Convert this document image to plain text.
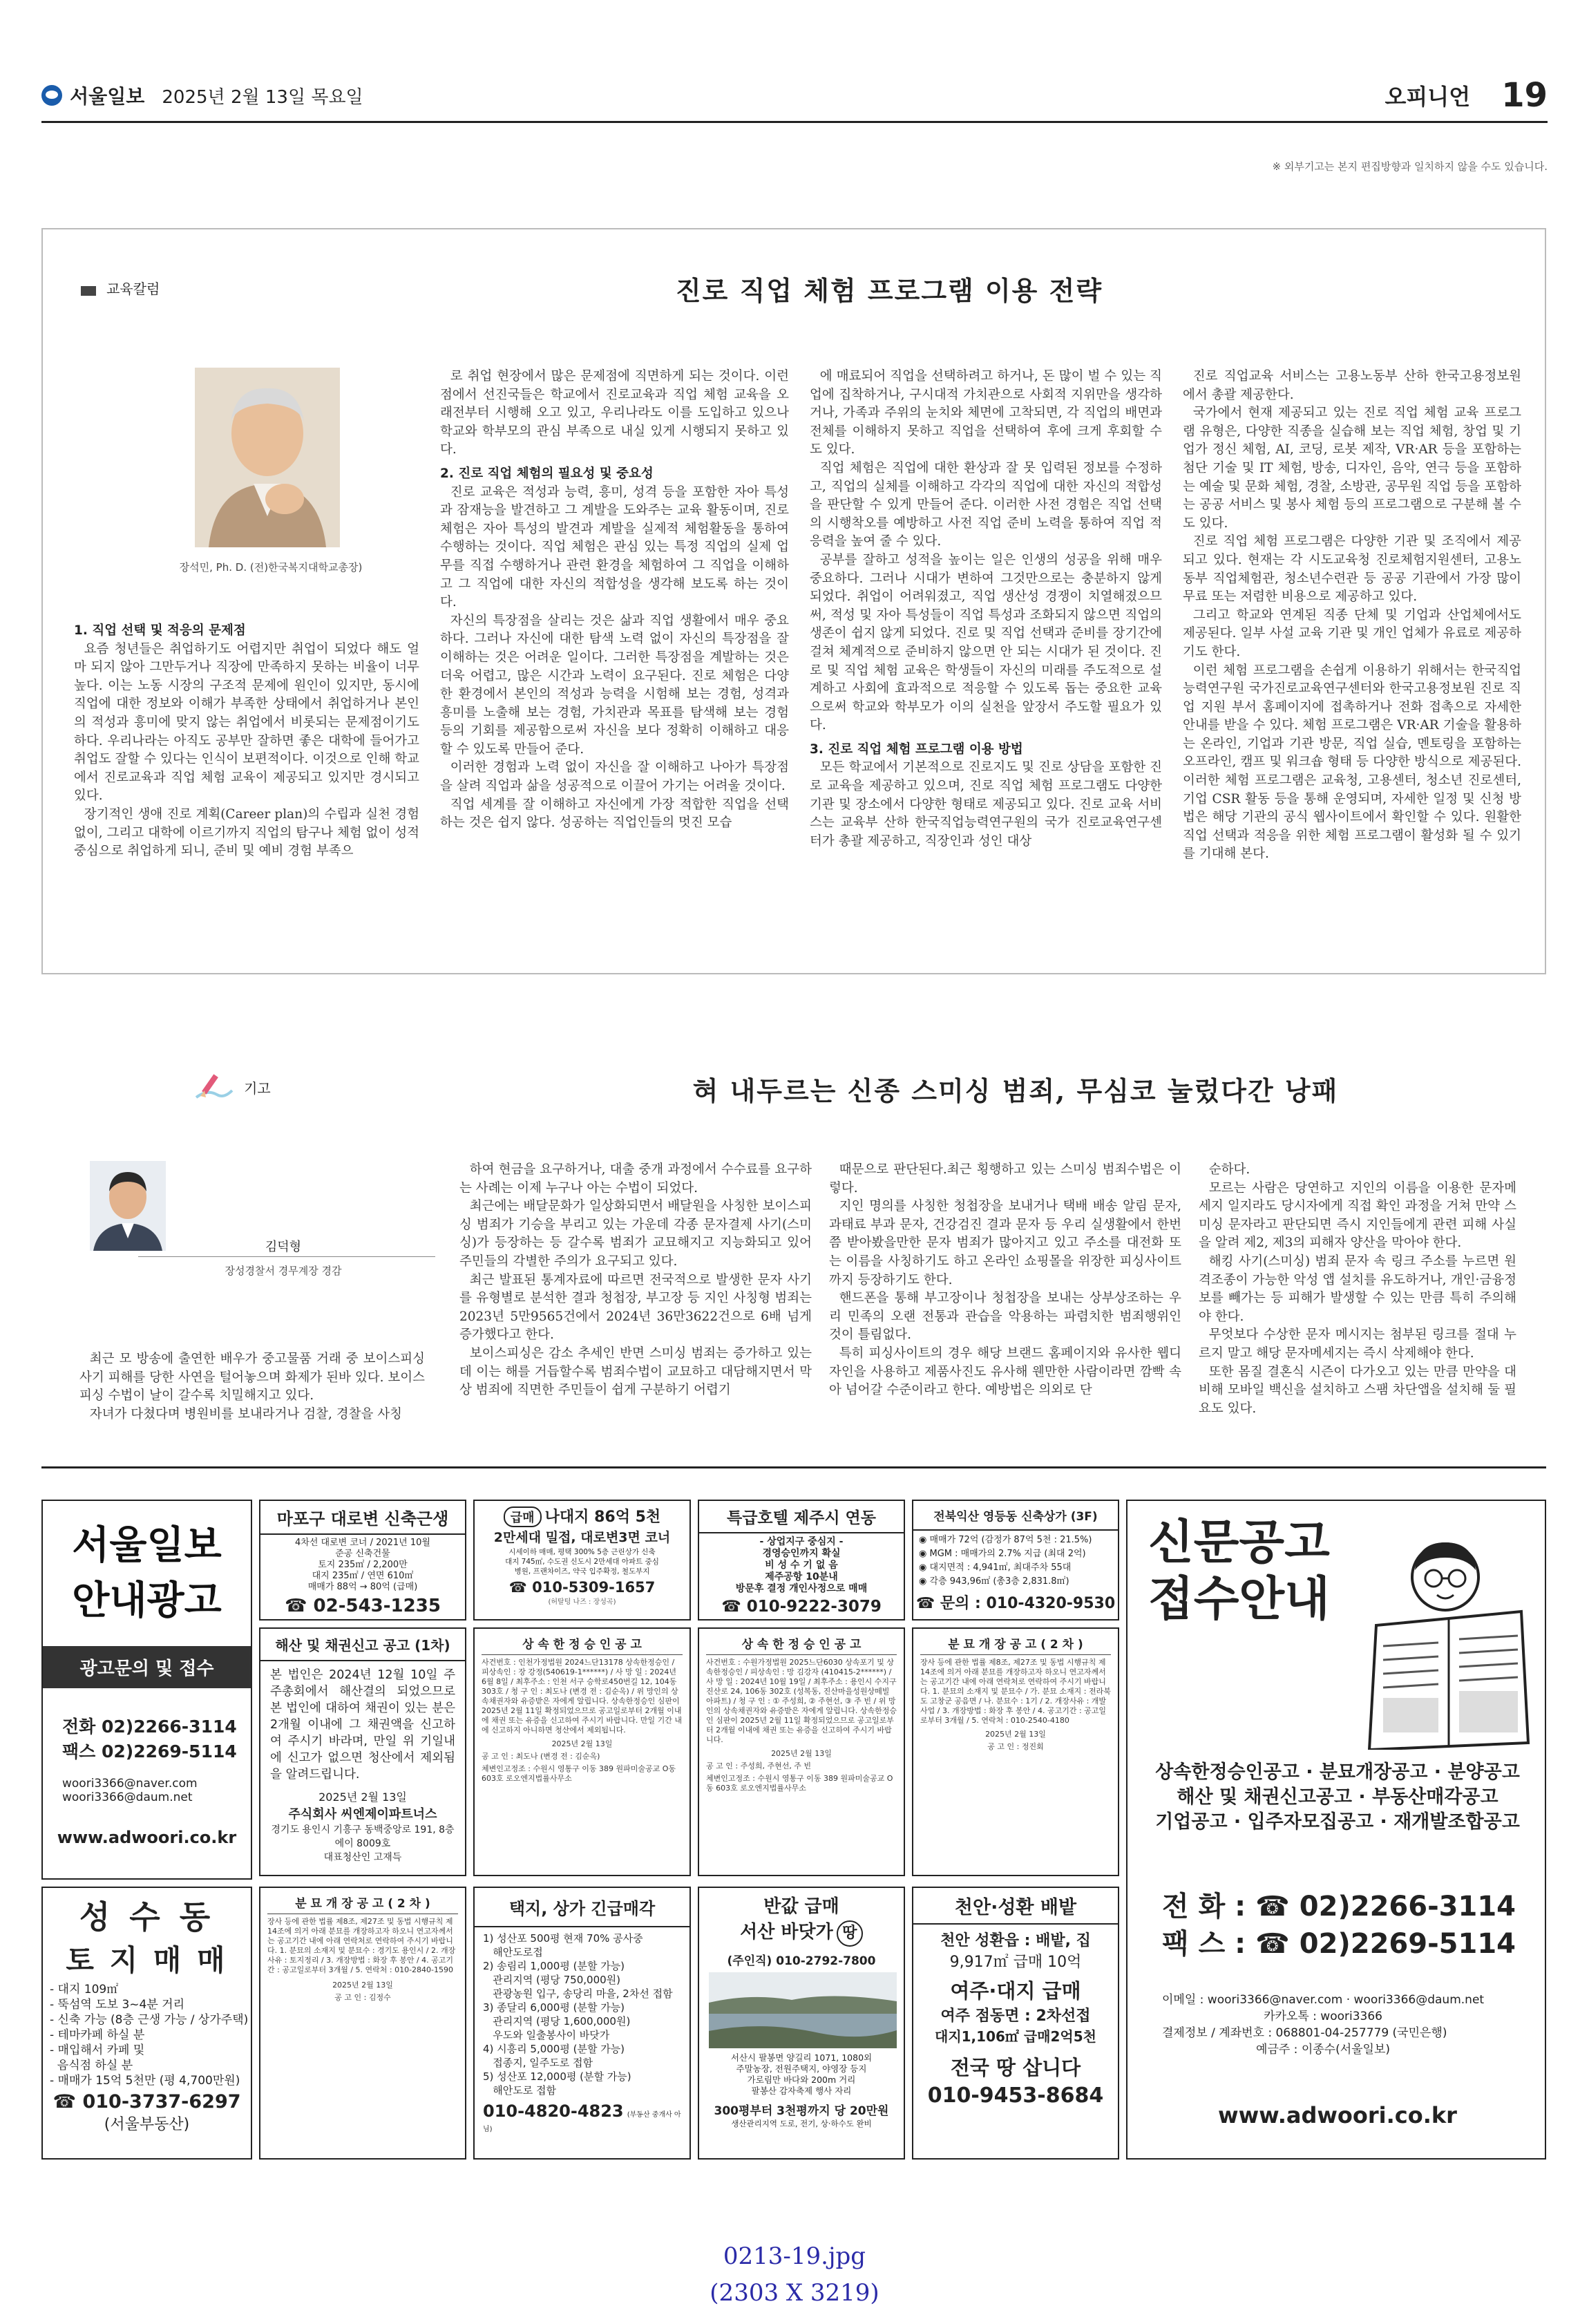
서울일보 2025년 2월 13일 목요일	오피니언 19
※ 외부기고는 본지 편집방향과 일치하지 않을 수도 있습니다.
교육칼럼	진로 직업 체험 프로그램 이용 전략
장석민, Ph. D. (전)한국복지대학교총장)

1. 직업 선택 및 적응의 문제점

요즘 청년들은 취업하기도 어렵지만 취업이 되었다 해도 얼마 되지 않아 그만두거나 직장에 만족하지 못하는 비율이 너무 높다. 이는 노동 시장의 구조적 문제에 원인이 있지만, 동시에 직업에 대한 정보와 이해가 부족한 상태에서 취업하거나 본인의 적성과 흥미에 맞지 않는 취업에서 비롯되는 문제점이기도 하다. 우리나라는 아직도 공부만 잘하면 좋은 대학에 들어가고 취업도 잘할 수 있다는 인식이 보편적이다. 이것으로 인해 학교에서 진로교육과 직업 체험 교육이 제공되고 있지만 경시되고 있다.

장기적인 생애 진로 계획(Career plan)의 수립과 실천 경험 없이, 그리고 대학에 이르기까지 직업의 탐구나 체험 없이 성적 중심으로 취업하게 되니, 준비 및 예비 경험 부족으

로 취업 현장에서 많은 문제점에 직면하게 되는 것이다. 이런 점에서 선진국들은 학교에서 진로교육과 직업 체험 교육을 오래전부터 시행해 오고 있고, 우리나라도 이를 도입하고 있으나 학교와 학부모의 관심 부족으로 내실 있게 시행되지 못하고 있다.

2. 진로 직업 체험의 필요성 및 중요성

진로 교육은 적성과 능력, 흥미, 성격 등을 포함한 자아 특성과 잠재능을 발견하고 그 계발을 도와주는 교육 활동이며, 진로 체험은 자아 특성의 발견과 계발을 실제적 체험활동을 통하여 수행하는 것이다. 직업 체험은 관심 있는 특정 직업의 실제 업무를 직접 수행하거나 관련 환경을 체험하여 그 직업을 이해하고 그 직업에 대한 자신의 적합성을 생각해 보도록 하는 것이다.

자신의 특장점을 살리는 것은 삶과 직업 생활에서 매우 중요하다. 그러나 자신에 대한 탐색 노력 없이 자신의 특장점을 잘 이해하는 것은 어려운 일이다. 그러한 특장점을 계발하는 것은 더욱 어렵고, 많은 시간과 노력이 요구된다. 진로 체험은 다양한 환경에서 본인의 적성과 능력을 시험해 보는 경험, 성격과 흥미를 노출해 보는 경험, 가치관과 목표를 탐색해 보는 경험 등의 기회를 제공함으로써 자신을 보다 정확히 이해하고 대응할 수 있도록 만들어 준다.

이러한 경험과 노력 없이 자신을 잘 이해하고 나아가 특장점을 살려 직업과 삶을 성공적으로 이끌어 가기는 어려울 것이다.

직업 세계를 잘 이해하고 자신에게 가장 적합한 직업을 선택하는 것은 쉽지 않다. 성공하는 직업인들의 멋진 모습

에 매료되어 직업을 선택하려고 하거나, 돈 많이 벌 수 있는 직업에 집착하거나, 구시대적 가치관으로 사회적 지위만을 생각하거나, 가족과 주위의 눈치와 체면에 고착되면, 각 직업의 배면과 전체를 이해하지 못하고 직업을 선택하여 후에 크게 후회할 수도 있다.

직업 체험은 직업에 대한 환상과 잘 못 입력된 정보를 수정하고, 직업의 실체를 이해하고 각각의 직업에 대한 자신의 적합성을 판단할 수 있게 만들어 준다. 이러한 사전 경험은 직업 선택의 시행착오를 예방하고 사전 직업 준비 노력을 통하여 직업 적응력을 높여 줄 수 있다.

공부를 잘하고 성적을 높이는 일은 인생의 성공을 위해 매우 중요하다. 그러나 시대가 변하여 그것만으로는 충분하지 않게 되었다. 취업이 어려워졌고, 직업 생산성 경쟁이 치열해졌으므써, 적성 및 자아 특성들이 직업 특성과 조화되지 않으면 직업의 생존이 쉽지 않게 되었다. 진로 및 직업 선택과 준비를 장기간에 걸쳐 체계적으로 준비하지 않으면 안 되는 시대가 된 것이다. 진로 및 직업 체험 교육은 학생들이 자신의 미래를 주도적으로 설계하고 사회에 효과적으로 적응할 수 있도록 돕는 중요한 교육으로써 학교와 학부모가 이의 실천을 앞장서 주도할 필요가 있다.

3. 진로 직업 체험 프로그램 이용 방법

모든 학교에서 기본적으로 진로지도 및 진로 상담을 포함한 진로 교육을 제공하고 있으며, 진로 직업 체험 프로그램도 다양한 기관 및 장소에서 다양한 형태로 제공되고 있다. 진로 교육 서비스는 교육부 산하 한국직업능력연구원의 국가 진로교육연구센터가 총괄 제공하고, 직장인과 성인 대상

진로 직업교육 서비스는 고용노동부 산하 한국고용정보원에서 총괄 제공한다.

국가에서 현재 제공되고 있는 진로 직업 체험 교육 프로그램 유형은, 다양한 직종을 실습해 보는 직업 체험, 창업 및 기업가 정신 체험, AI, 코딩, 로봇 제작, VR·AR 등을 포함하는 첨단 기술 및 IT 체험, 방송, 디자인, 음악, 연극 등을 포함하는 예술 및 문화 체험, 경찰, 소방관, 공무원 직업 등을 포함하는 공공 서비스 및 봉사 체험 등의 프로그램으로 구분해 볼 수도 있다.

진로 직업 체험 프로그램은 다양한 기관 및 조직에서 제공되고 있다. 현재는 각 시도교육청 진로체험지원센터, 고용노동부 직업체험관, 청소년수련관 등 공공 기관에서 가장 많이 무료 또는 저렴한 비용으로 제공하고 있다.

그리고 학교와 연계된 직종 단체 및 기업과 산업체에서도 제공된다. 일부 사설 교육 기관 및 개인 업체가 유료로 제공하기도 한다.

이런 체험 프로그램을 손쉽게 이용하기 위해서는 한국직업능력연구원 국가진로교육연구센터와 한국고용정보원 진로 직업 지원 부서 홈페이지에 접촉하거나 전화 접촉으로 자세한 안내를 받을 수 있다. 체험 프로그램은 VR·AR 기술을 활용하는 온라인, 기업과 기관 방문, 직업 실습, 멘토링을 포함하는 오프라인, 캠프 및 워크숍 형태 등 다양한 방식으로 제공된다. 이러한 체험 프로그램은 교육청, 고용센터, 청소년 진로센터, 기업 CSR 활동 등을 통해 운영되며, 자세한 일정 및 신청 방법은 해당 기관의 공식 웹사이트에서 확인할 수 있다. 원활한 직업 선택과 적응을 위한 체험 프로그램이 활성화 될 수 있기를 기대해 본다.

기고	혀 내두르는 신종 스미싱 범죄, 무심코 눌렀다간 낭패
김덕형
장성경찰서 경무계장 경감

최근 모 방송에 출연한 배우가 중고물품 거래 중 보이스피싱 사기 피해를 당한 사연을 털어놓으며 화제가 된바 있다. 보이스피싱 수법이 날이 갈수록 치밀해지고 있다.

자녀가 다쳤다며 병원비를 보내라거나 검찰, 경찰을 사칭

하여 현금을 요구하거나, 대출 중개 과정에서 수수료를 요구하는 사례는 이제 누구나 아는 수법이 되었다.

최근에는 배달문화가 일상화되면서 배달원을 사칭한 보이스피싱 범죄가 기승을 부리고 있는 가운데 각종 문자결제 사기(스미싱)가 등장하는 등 갈수록 범죄가 교묘해지고 지능화되고 있어 주민들의 각별한 주의가 요구되고 있다.

최근 발표된 통계자료에 따르면 전국적으로 발생한 문자 사기를 유형별로 분석한 결과 청첩장, 부고장 등 지인 사칭형 범죄는 2023년 5만9565건에서 2024년 36만3622건으로 6배 넘게 증가했다고 한다.

보이스피싱은 감소 추세인 반면 스미싱 범죄는 증가하고 있는데 이는 해를 거듭할수록 범죄수법이 교묘하고 대담해지면서 막상 범죄에 직면한 주민들이 쉽게 구분하기 어렵기

때문으로 판단된다.최근 횡행하고 있는 스미싱 범죄수법은 이렇다.

지인 명의를 사칭한 청첩장을 보내거나 택배 배송 알림 문자, 과태료 부과 문자, 건강검진 결과 문자 등 우리 실생활에서 한번쯤 받아봤을만한 문자 범죄가 많아지고 있고 주소를 대전화 또는 이름을 사칭하기도 하고 온라인 쇼핑몰을 위장한 피싱사이트까지 등장하기도 한다.

핸드폰을 통해 부고장이나 청첩장을 보내는 상부상조하는 우리 민족의 오랜 전통과 관습을 악용하는 파렴치한 범죄행위인 것이 틀림없다.

특히 피싱사이트의 경우 해당 브랜드 홈페이지와 유사한 웹디자인을 사용하고 제품사진도 유사해 웬만한 사람이라면 깜빡 속아 넘어갈 수준이라고 한다. 예방법은 의외로 단

순하다.

모르는 사람은 당연하고 지인의 이름을 이용한 문자메세지 일지라도 당시자에게 직접 확인 과정을 거쳐 만약 스미싱 문자라고 판단되면 즉시 지인들에게 관련 피해 사실을 알려 제2, 제3의 피해자 양산을 막아야 한다.

해킹 사기(스미싱) 범죄 문자 속 링크 주소를 누르면 원격조종이 가능한 악성 앱 설치를 유도하거나, 개인·금융정보를 빼가는 등 피해가 발생할 수 있는 만큼 특히 주의해야 한다.

무엇보다 수상한 문자 메시지는 첨부된 링크를 절대 누르지 말고 해당 문자메세지는 즉시 삭제해야 한다.

또한 몸질 결혼식 시즌이 다가오고 있는 만큼 만약을 대비해 모바일 백신을 설치하고 스팸 차단앱을 설치해 둘 필요도 있다.

서울일보
안내광고
광고문의 및 접수
전화 02)2266-3114
팩스 02)2269-5114
woori3366@naver.com
woori3366@daum.net
www.adwoori.co.kr
마포구 대로변 신축근생
4차선 대로변 코너 / 2021년 10월
준공 신축건물
토지 235㎡ / 2,200만
대지 235㎡ / 연면 610㎡
매매가 88억 → 80억 (급매)
☎ 02-543-1235
급매 나대지 86억 5천
2만세대 밀접, 대로변3면 코너
시세이하 매매, 평택 300% 5층 근린상가 신축
대지 745㎡, 수도권 신도시 2만세대 아파트 중심
병원, 프랜차이즈, 약국 입주확정, 철도부지
☎ 010-5309-1657
(허탈텅 나즈 : 장성곡)
특급호텔 제주시 연동
- 상업지구 중심지 -
경영승인까지 확실
비 성 수 기 없 음
제주공항 10분내
방문후 결정 개인사정으로 매매
☎ 010-9222-3079
전북익산 영등동 신축상가 (3F)
◉ 매매가 72억 (감정가 87억 5천 : 21.5%)
◉ MGM : 매매가의 2.7% 지급 (최대 2억)
◉ 대지면적 : 4,941㎡, 최대주차 55대
◉ 각층 943,96㎡ (총3층 2,831.8㎡)
☎ 문의 : 010-4320-9530
해산 및 채권신고 공고 (1차)
본 법인은 2024년 12월 10일 주주총회에서 해산결의 되었으므로 본 법인에 대하여 채권이 있는 분은 2개월 이내에 그 채권액을 신고하여 주시기 바라며, 만일 위 기일내에 신고가 없으면 청산에서 제외됨을 알려드립니다.
2025년 2월 13일
주식회사 씨엔제이파트너스
경기도 용인시 기흥구 동백중앙로 191, 8층 에이 8009호
대표청산인 고재득
상 속 한 정 승 인 공 고
사건번호 : 인천가정법원 2024느단13178 상속한정승인 / 피상속인 : 장 강정(540619-1******) / 사 망 일 : 2024년 6월 8일 / 최후주소 : 인천 서구 승학로450번길 12, 104동 303호 / 청 구 인 : 최도나 (변경 전 : 김순옥) / 위 망인의 상속채권자와 유증받은 자에게 알립니다. 상속한정승인 심판이 2025년 2월 11일 확정되었으므로 공고일로부터 2개월 이내에 채권 또는 유증을 신고하여 주시기 바랍니다. 만일 기간 내에 신고하지 아니하면 청산에서 제외됩니다.
2025년 2월 13일
공 고 인 : 최도나 (변경 전 : 김순옥)
체변인고정조 : 수원시 영통구 이동 389 원파미술공교 O동 603호 로오엔지법률사무소
상 속 한 정 승 인 공 고
사건번호 : 수원가정법원 2025느단6030 상속포기 및 상속한정승인 / 피상속인 : 망 김강자 (410415-2******) / 사 망 일 : 2024년 10월 19일 / 최후주소 : 용인시 수지구 진산로 24, 106동 302호 (성복동, 진산마을성원상떼빌아파트) / 청 구 인 : ① 주성희, ② 주현선, ③ 주 빈 / 위 망인의 상속채권자와 유증받은 자에게 알립니다. 상속한정승인 심판이 2025년 2월 11일 확정되었으므로 공고일로부터 2개월 이내에 채권 또는 유증을 신고하여 주시기 바랍니다.
2025년 2월 13일
공 고 인 : 주성희, 주현선, 주 빈
체변인고정조 : 수원시 영통구 이동 389 원파미술공교 O동 603호 로오엔지법률사무소
분 묘 개 장 공 고 ( 2 차 )
장사 등에 관한 법률 제8조, 제27조 및 동법 시행규칙 제14조에 의거 아래 분묘를 개장하고자 하오니 연고자께서는 공고기간 내에 아래 연락처로 연락하여 주시기 바랍니다. 1. 분묘의 소재지 및 분묘수 / 가. 분묘 소재지 : 전라북도 고창군 공음면 / 나. 분묘수 : 1기 / 2. 개장사유 : 개발사업 / 3. 개장방법 : 화장 후 봉안 / 4. 공고기간 : 공고일로부터 3개월 / 5. 연락처 : 010-2540-4180
2025년 2월 13일
공 고 인 : 정진회
성 수 동
토 지 매 매
- 대지 109㎡
- 뚝섬역 도보 3~4분 거리
- 신축 가능 (8층 근생 가능 / 상가주택)
- 테마카페 하실 분
- 매입해서 카페 및
음식점 하실 분
- 매매가 15억 5천만 (평 4,700만원)
☎ 010-3737-6297
(서울부동산)
분 묘 개 장 공 고 ( 2 차 )
장사 등에 관한 법률 제8조, 제27조 및 동법 시행규칙 제14조에 의거 아래 분묘를 개장하고자 하오니 연고자께서는 공고기간 내에 아래 연락처로 연락하여 주시기 바랍니다. 1. 분묘의 소재지 및 분묘수 : 경기도 용인시 / 2. 개장사유 : 토지정리 / 3. 개장방법 : 화장 후 봉안 / 4. 공고기간 : 공고일로부터 3개월 / 5. 연락처 : 010-2840-1590
2025년 2월 13일
공 고 인 : 김정수
택지, 상가 긴급매각
1) 성산포 500평 현재 70% 공사중
해안도로접
2) 송림리 1,000평 (분할 가능)
관리지역 (평당 750,000원)
관광농원 입구, 송당리 마을, 2차선 접함
3) 종달리 6,000평 (분할 가능)
관리지역 (평당 1,600,000원)
우도와 일출봉사이 바닷가
4) 시흥리 5,000평 (분할 가능)
접종지, 일주도로 접함
5) 성산포 12,000평 (분할 가능)
해안도로 접함
010-4820-4823 (부동산 중개사 아님)
반값 급매
서산 바닷가 땅
(주인직) 010-2792-7800
서산시 팔봉면 양길리 1071, 1080외
주말농장, 전원주택지, 야영장 등지
가로림만 바다와 200m 거리
팔봉산 감자축제 행사 자리
300평부터 3천평까지 당 20만원
생산관리지역 도로, 전기, 상·하수도 완비
천안·성환 배밭
천안 성환읍 : 배밭, 집
9,917㎡ 급매 10억
여주·대지 급매
여주 점동면 : 2차선접
대지1,106㎡ 급매2억5천
전국 땅 삽니다
010-9453-8684
신문공고
접수안내
상속한정승인공고 · 분묘개장공고 · 분양공고
해산 및 채권신고공고 · 부동산매각공고
기업공고 · 입주자모집공고 · 재개발조합공고
전 화 : ☎ 02)2266-3114
팩 스 : ☎ 02)2269-5114
이메일 : woori3366@naver.com · woori3366@daum.net
카카오톡 : woori3366
결제정보 / 계좌번호 : 068801-04-257779 (국민은행)
예금주 : 이종수(서울일보)
www.adwoori.co.kr
0213-19.jpg
(2303 X 3219)
